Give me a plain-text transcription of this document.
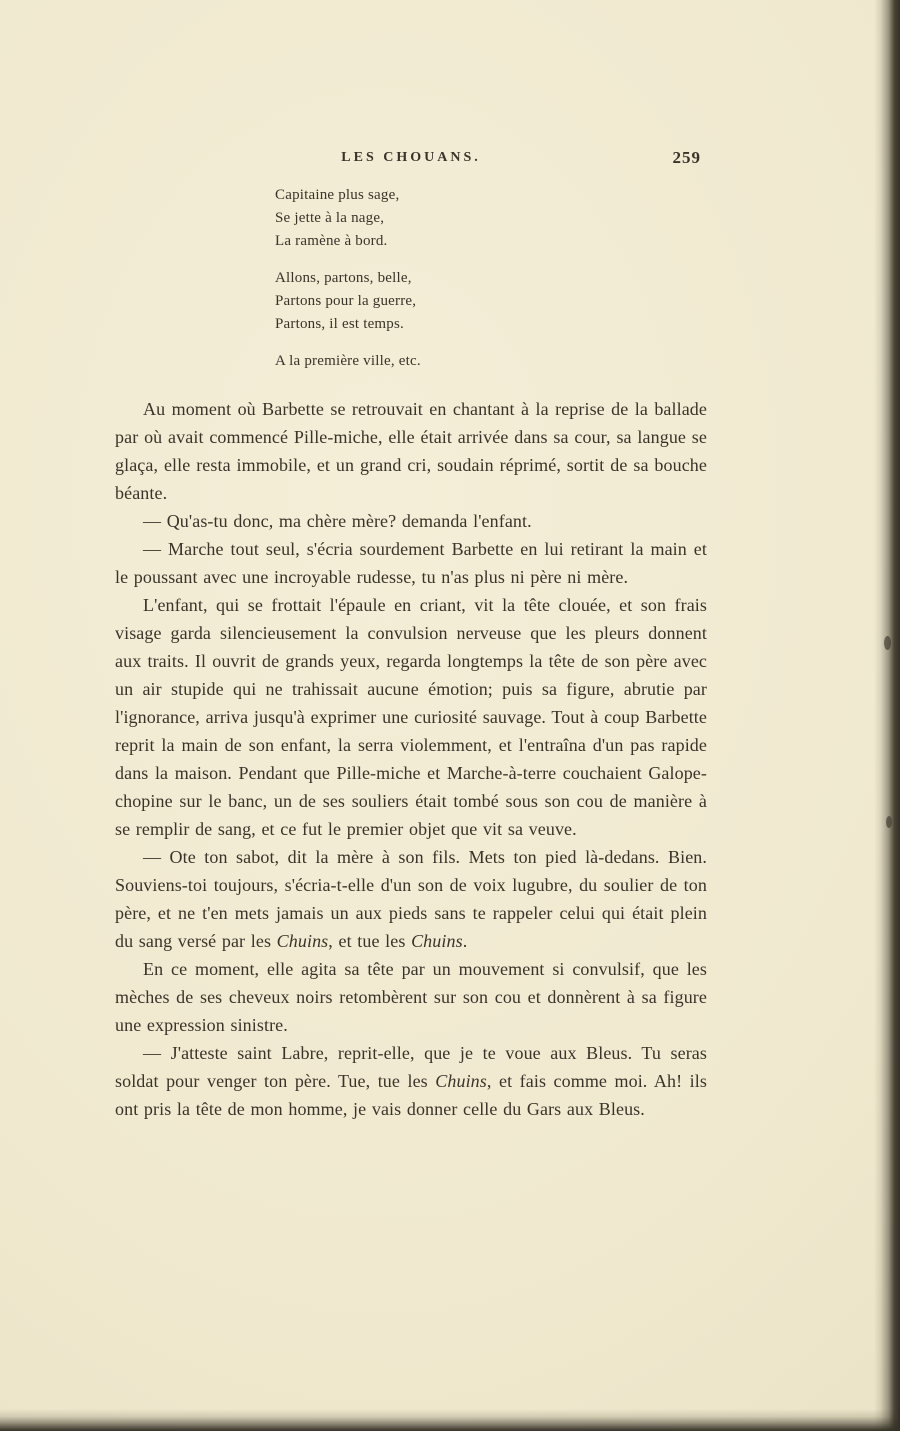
LES CHOUANS.	259
Capitaine plus sage,
Se jette à la nage,
La ramène à bord.
Allons, partons, belle,
Partons pour la guerre,
Partons, il est temps.
A la première ville, etc.

Au moment où Barbette se retrouvait en chantant à la reprise de la ballade par où avait commencé Pille-miche, elle était arrivée dans sa cour, sa langue se glaça, elle resta immobile, et un grand cri, soudain réprimé, sortit de sa bouche béante.

— Qu'as-tu donc, ma chère mère? demanda l'enfant.

— Marche tout seul, s'écria sourdement Barbette en lui retirant la main et le poussant avec une incroyable rudesse, tu n'as plus ni père ni mère.

L'enfant, qui se frottait l'épaule en criant, vit la tête clouée, et son frais visage garda silencieusement la convulsion nerveuse que les pleurs donnent aux traits. Il ouvrit de grands yeux, regarda longtemps la tête de son père avec un air stupide qui ne trahissait aucune émotion; puis sa figure, abrutie par l'ignorance, arriva jusqu'à exprimer une curiosité sauvage. Tout à coup Barbette reprit la main de son enfant, la serra violemment, et l'entraîna d'un pas rapide dans la maison. Pendant que Pille-miche et Marche-à-terre couchaient Galope-chopine sur le banc, un de ses souliers était tombé sous son cou de manière à se remplir de sang, et ce fut le premier objet que vit sa veuve.

— Ote ton sabot, dit la mère à son fils. Mets ton pied là-dedans. Bien. Souviens-toi toujours, s'écria-t-elle d'un son de voix lugubre, du soulier de ton père, et ne t'en mets jamais un aux pieds sans te rappeler celui qui était plein du sang versé par les Chuins, et tue les Chuins.

En ce moment, elle agita sa tête par un mouvement si convulsif, que les mèches de ses cheveux noirs retombèrent sur son cou et donnèrent à sa figure une expression sinistre.

— J'atteste saint Labre, reprit-elle, que je te voue aux Bleus. Tu seras soldat pour venger ton père. Tue, tue les Chuins, et fais comme moi. Ah! ils ont pris la tête de mon homme, je vais donner celle du Gars aux Bleus.
